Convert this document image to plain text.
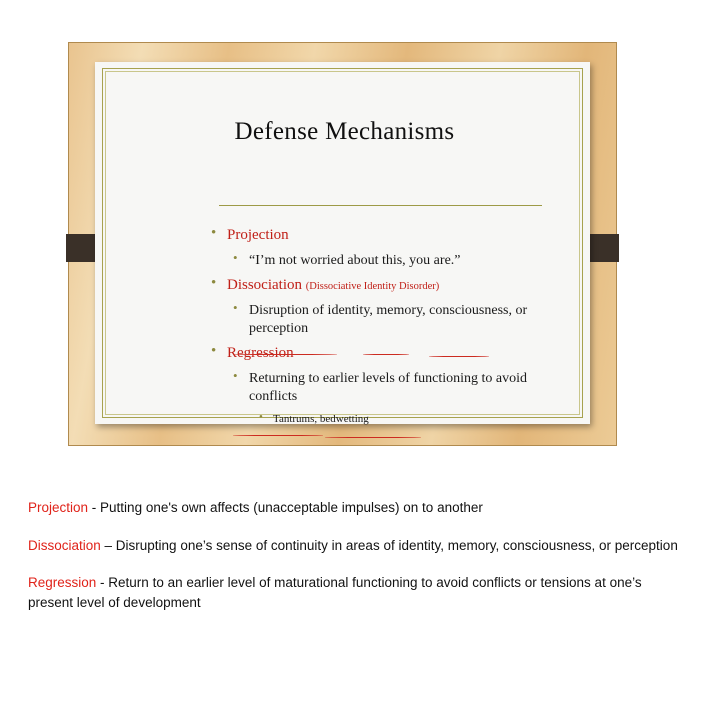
Defense Mechanisms
• Projection
• “I’m not worried about this, you are.”
• Dissociation (Dissociative Identity Disorder)
• Disruption of identity, memory, consciousness, or perception
• Regression
• Returning to earlier levels of functioning to avoid conflicts
• Tantrums, bedwetting
Projection - Putting one's own affects (unacceptable impulses) on to another
Dissociation – Disrupting one’s sense of continuity in areas of identity, memory, consciousness, or perception
Regression - Return to an earlier level of maturational functioning to avoid conflicts or tensions at one’s present level of development
